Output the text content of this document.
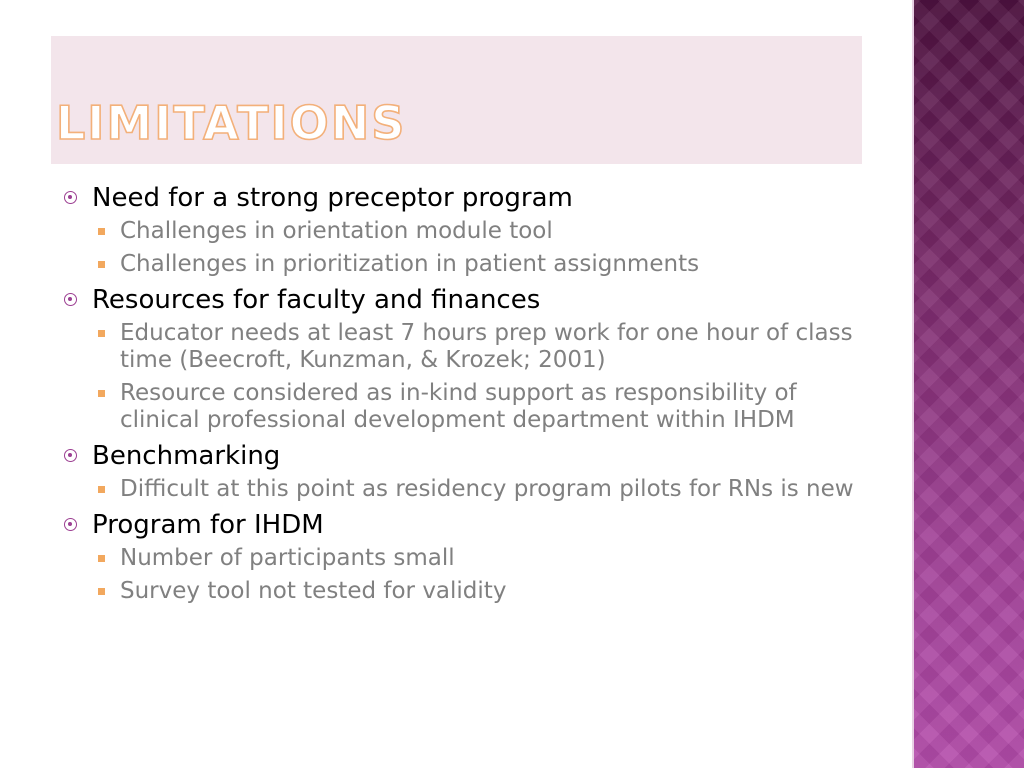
LIMITATIONS
Need for a strong preceptor program
Challenges in orientation module tool
Challenges in prioritization in patient assignments
Resources for faculty and finances
Educator needs at least 7 hours prep work for one hour of class time (Beecroft, Kunzman, & Krozek; 2001)
Resource considered as in-kind support as responsibility of clinical professional development department within IHDM
Benchmarking
Difficult at this point as residency program pilots for RNs is new
Program for IHDM
Number of participants small
Survey tool not tested for validity
